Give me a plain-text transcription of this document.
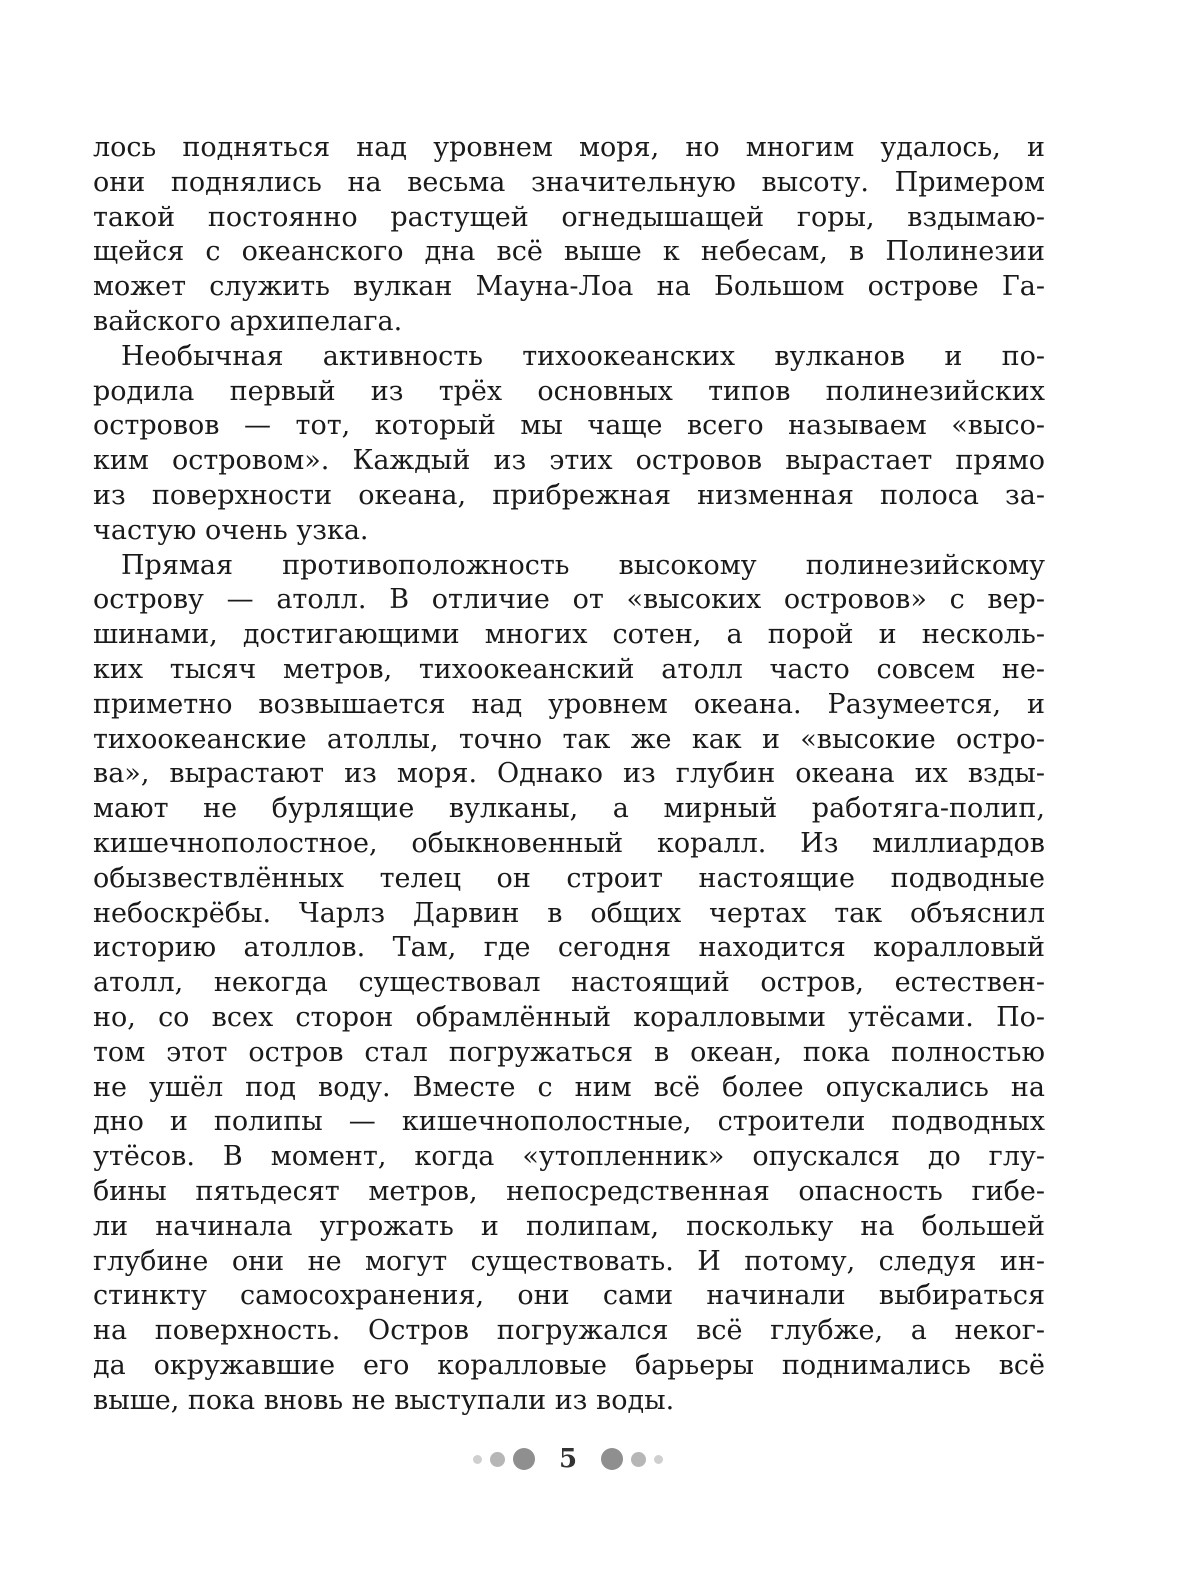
лось подняться над уровнем моря, но многим удалось, и
они поднялись на весьма значительную высоту. Примером
такой постоянно растущей огнедышащей горы, вздымаю-
щейся с океанского дна всё выше к небесам, в Полинезии
может служить вулкан Мауна-Лоа на Большом острове Га-
вайского архипелага.
Необычная активность тихоокеанских вулканов и по-
родила первый из трёх основных типов полинезийских
островов — тот, который мы чаще всего называем «высо-
ким островом». Каждый из этих островов вырастает прямо
из поверхности океана, прибрежная низменная полоса за-
частую очень узка.
Прямая противоположность высокому полинезийскому
острову — атолл. В отличие от «высоких островов» с вер-
шинами, достигающими многих сотен, а порой и несколь-
ких тысяч метров, тихоокеанский атолл часто совсем не-
приметно возвышается над уровнем океана. Разумеется, и
тихоокеанские атоллы, точно так же как и «высокие остро-
ва», вырастают из моря. Однако из глубин океана их взды-
мают не бурлящие вулканы, а мирный работяга-полип,
кишечнополостное, обыкновенный коралл. Из миллиардов
обызвествлённых телец он строит настоящие подводные
небоскрёбы. Чарлз Дарвин в общих чертах так объяснил
историю атоллов. Там, где сегодня находится коралловый
атолл, некогда существовал настоящий остров, естествен-
но, со всех сторон обрамлённый коралловыми утёсами. По-
том этот остров стал погружаться в океан, пока полностью
не ушёл под воду. Вместе с ним всё более опускались на
дно и полипы — кишечнополостные, строители подводных
утёсов. В момент, когда «утопленник» опускался до глу-
бины пятьдесят метров, непосредственная опасность гибе-
ли начинала угрожать и полипам, поскольку на большей
глубине они не могут существовать. И потому, следуя ин-
стинкту самосохранения, они сами начинали выбираться
на поверхность. Остров погружался всё глубже, а неког-
да окружавшие его коралловые барьеры поднимались всё
выше, пока вновь не выступали из воды.
5
